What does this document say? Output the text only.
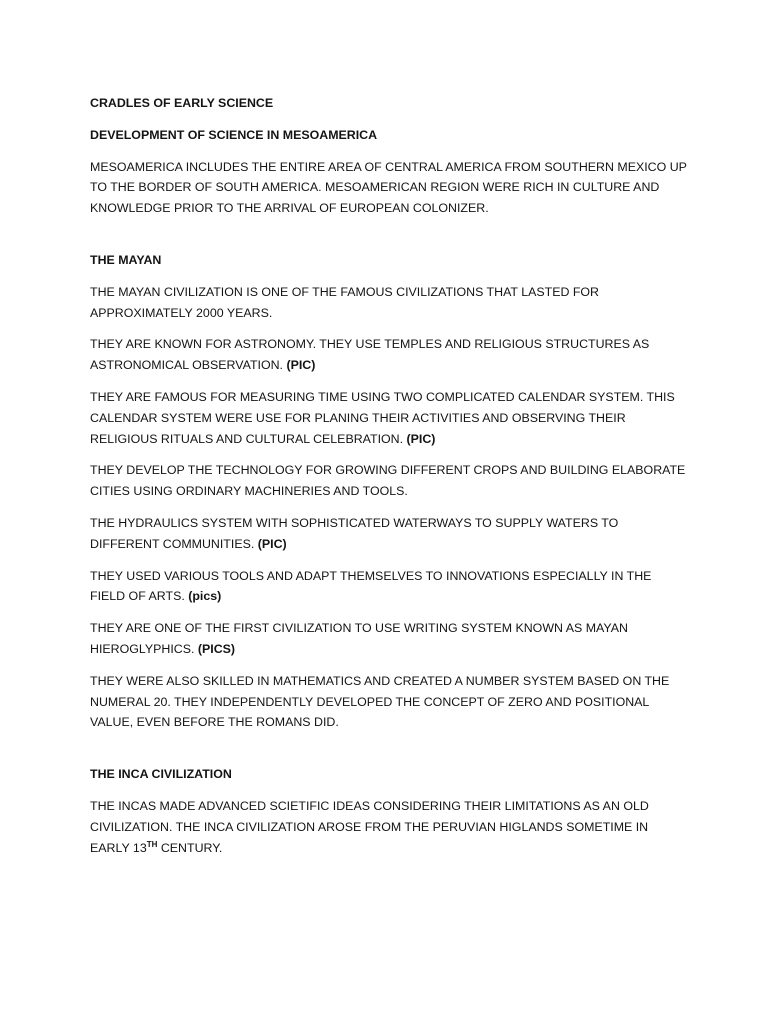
CRADLES OF EARLY SCIENCE

DEVELOPMENT OF SCIENCE IN MESOAMERICA

MESOAMERICA INCLUDES THE ENTIRE AREA OF CENTRAL AMERICA FROM SOUTHERN MEXICO UP TO THE BORDER OF SOUTH AMERICA. MESOAMERICAN REGION WERE RICH IN CULTURE AND KNOWLEDGE PRIOR TO THE ARRIVAL OF EUROPEAN COLONIZER.

THE MAYAN

THE MAYAN CIVILIZATION IS ONE OF THE FAMOUS CIVILIZATIONS THAT LASTED FOR APPROXIMATELY 2000 YEARS.

THEY ARE KNOWN FOR ASTRONOMY. THEY USE TEMPLES AND RELIGIOUS STRUCTURES AS ASTRONOMICAL OBSERVATION. (PIC)

THEY ARE FAMOUS FOR MEASURING TIME USING TWO COMPLICATED CALENDAR SYSTEM. THIS CALENDAR SYSTEM WERE USE FOR PLANING THEIR ACTIVITIES AND OBSERVING THEIR RELIGIOUS RITUALS AND CULTURAL CELEBRATION. (PIC)

THEY DEVELOP THE TECHNOLOGY FOR GROWING DIFFERENT CROPS AND BUILDING ELABORATE CITIES USING ORDINARY MACHINERIES AND TOOLS.

THE HYDRAULICS SYSTEM WITH SOPHISTICATED WATERWAYS TO SUPPLY WATERS TO DIFFERENT COMMUNITIES. (PIC)

THEY USED VARIOUS TOOLS AND ADAPT THEMSELVES TO INNOVATIONS ESPECIALLY IN THE FIELD OF ARTS. (pics)

THEY ARE ONE OF THE FIRST CIVILIZATION TO USE WRITING SYSTEM KNOWN AS MAYAN HIEROGLYPHICS. (PICS)

THEY WERE ALSO SKILLED IN MATHEMATICS AND CREATED A NUMBER SYSTEM BASED ON THE NUMERAL 20. THEY INDEPENDENTLY DEVELOPED THE CONCEPT OF ZERO AND POSITIONAL VALUE, EVEN BEFORE THE ROMANS DID.

THE INCA CIVILIZATION

THE INCAS MADE ADVANCED SCIETIFIC IDEAS CONSIDERING THEIR LIMITATIONS AS AN OLD CIVILIZATION. THE INCA CIVILIZATION AROSE FROM THE PERUVIAN HIGLANDS SOMETIME IN EARLY 13TH CENTURY.
